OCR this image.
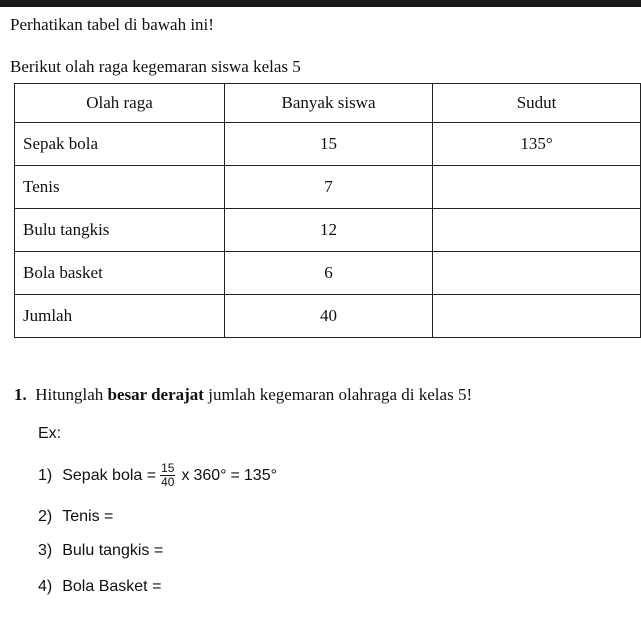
Perhatikan tabel di bawah ini!
Berikut olah raga kegemaran siswa kelas 5
Olah raga	Banyak siswa	Sudut
Sepak bola	15	135°
Tenis	7	
Bulu tangkis	12	
Bola basket	6	
Jumlah	40	
1. Hitunglah besar derajat jumlah kegemaran olahraga di kelas 5!
Ex:
1) Sepak bola = $\frac{15}{40}$ x 360° = 135°
2) Tenis =
3) Bulu tangkis =
4) Bola Basket =
